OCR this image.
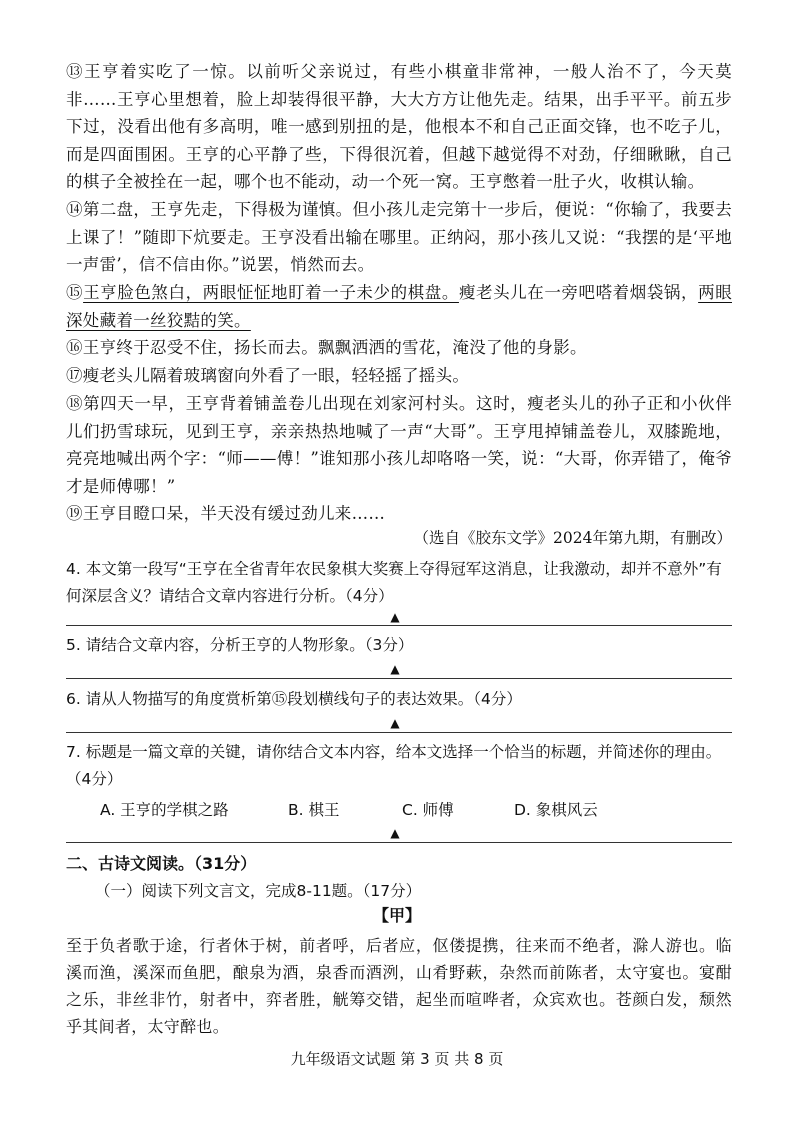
⑬王亨着实吃了一惊。以前听父亲说过，有些小棋童非常神，一般人治不了，今天莫非……王亨心里想着，脸上却装得很平静，大大方方让他先走。结果，出手平平。前五步下过，没看出他有多高明，唯一感到别扭的是，他根本不和自己正面交锋，也不吃子儿，而是四面围困。王亨的心平静了些，下得很沉着，但越下越觉得不对劲，仔细瞅瞅，自己的棋子全被拴在一起，哪个也不能动，动一个死一窝。王亨憋着一肚子火，收棋认输。
⑭第二盘，王亨先走，下得极为谨慎。但小孩儿走完第十一步后，便说：“你输了，我要去上课了！”随即下炕要走。王亨没看出输在哪里。正纳闷，那小孩儿又说：“我摆的是‘平地一声雷’，信不信由你。”说罢，悄然而去。
⑮王亨脸色煞白，两眼怔怔地盯着一子未少的棋盘。瘦老头儿在一旁吧嗒着烟袋锅，两眼深处藏着一丝狡黠的笑。
⑯王亨终于忍受不住，扬长而去。飘飘洒洒的雪花，淹没了他的身影。
⑰瘦老头儿隔着玻璃窗向外看了一眼，轻轻摇了摇头。
⑱第四天一早，王亨背着铺盖卷儿出现在刘家河村头。这时，瘦老头儿的孙子正和小伙伴儿们扔雪球玩，见到王亨，亲亲热热地喊了一声“大哥”。王亨甩掉铺盖卷儿，双膝跪地，亮亮地喊出两个字：“师——傅！”谁知那小孩儿却咯咯一笑，说：“大哥，你弄错了，俺爷才是师傅哪！”
⑲王亨目瞪口呆，半天没有缓过劲儿来……
（选自《胶东文学》2024年第九期，有删改）
4. 本文第一段写“王亨在全省青年农民象棋大奖赛上夺得冠军这消息，让我激动，却并不意外”有何深层含义？请结合文章内容进行分析。（4分）
▲
5. 请结合文章内容，分析王亨的人物形象。（3分）
▲
6. 请从人物描写的角度赏析第⑮段划横线句子的表达效果。（4分）
▲
7. 标题是一篇文章的关键，请你结合文本内容，给本文选择一个恰当的标题，并简述你的理由。（4分）
A. 王亨的学棋之路	B. 棋王	C. 师傅	D. 象棋风云
▲
二、古诗文阅读。（31分）
（一）阅读下列文言文，完成8-11题。（17分）
【甲】
至于负者歌于途，行者休于树，前者呼，后者应，伛偻提携，往来而不绝者，滁人游也。临溪而渔，溪深而鱼肥，酿泉为酒，泉香而酒洌，山肴野蔌，杂然而前陈者，太守宴也。宴酣之乐，非丝非竹，射者中，弈者胜，觥筹交错，起坐而喧哗者，众宾欢也。苍颜白发，颓然乎其间者，太守醉也。
九年级语文试题 第 3 页 共 8 页
